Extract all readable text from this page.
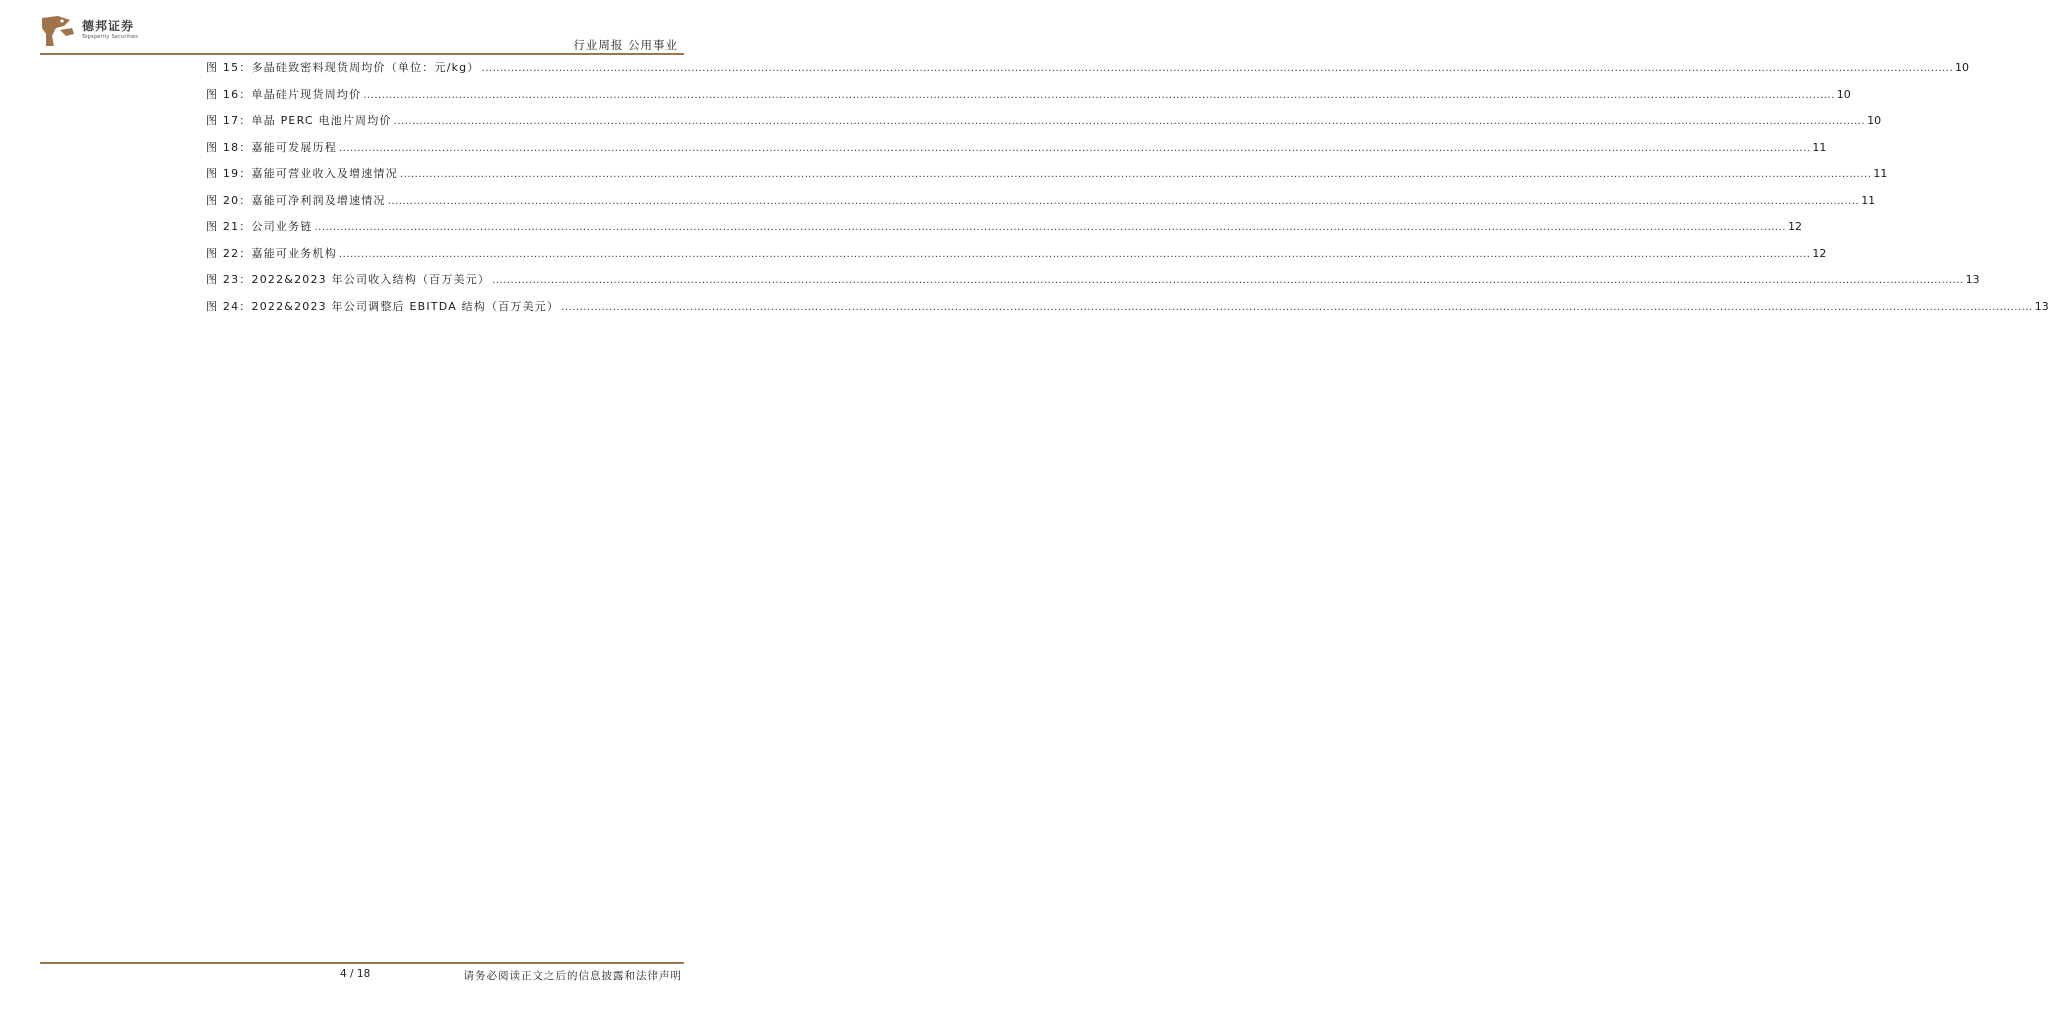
德邦证券
Topsperity Securities
行业周报 公用事业
图 15：多晶硅致密料现货周均价（单位：元/kg） ................................................................................................................................................................................................................................................................................................................................................................................................................ 10
图 16：单晶硅片现货周均价 ................................................................................................................................................................................................................................................................................................................................................................................................................ 10
图 17：单晶 PERC 电池片周均价 ................................................................................................................................................................................................................................................................................................................................................................................................................ 10
图 18：嘉能可发展历程 ................................................................................................................................................................................................................................................................................................................................................................................................................ 11
图 19：嘉能可营业收入及增速情况 ................................................................................................................................................................................................................................................................................................................................................................................................................ 11
图 20：嘉能可净利润及增速情况 ................................................................................................................................................................................................................................................................................................................................................................................................................ 11
图 21：公司业务链 ................................................................................................................................................................................................................................................................................................................................................................................................................ 12
图 22：嘉能可业务机构 ................................................................................................................................................................................................................................................................................................................................................................................................................ 12
图 23：2022&2023 年公司收入结构（百万美元） ................................................................................................................................................................................................................................................................................................................................................................................................................ 13
图 24：2022&2023 年公司调整后 EBITDA 结构（百万美元） ................................................................................................................................................................................................................................................................................................................................................................................................................ 13
4 / 18	请务必阅读正文之后的信息披露和法律声明
